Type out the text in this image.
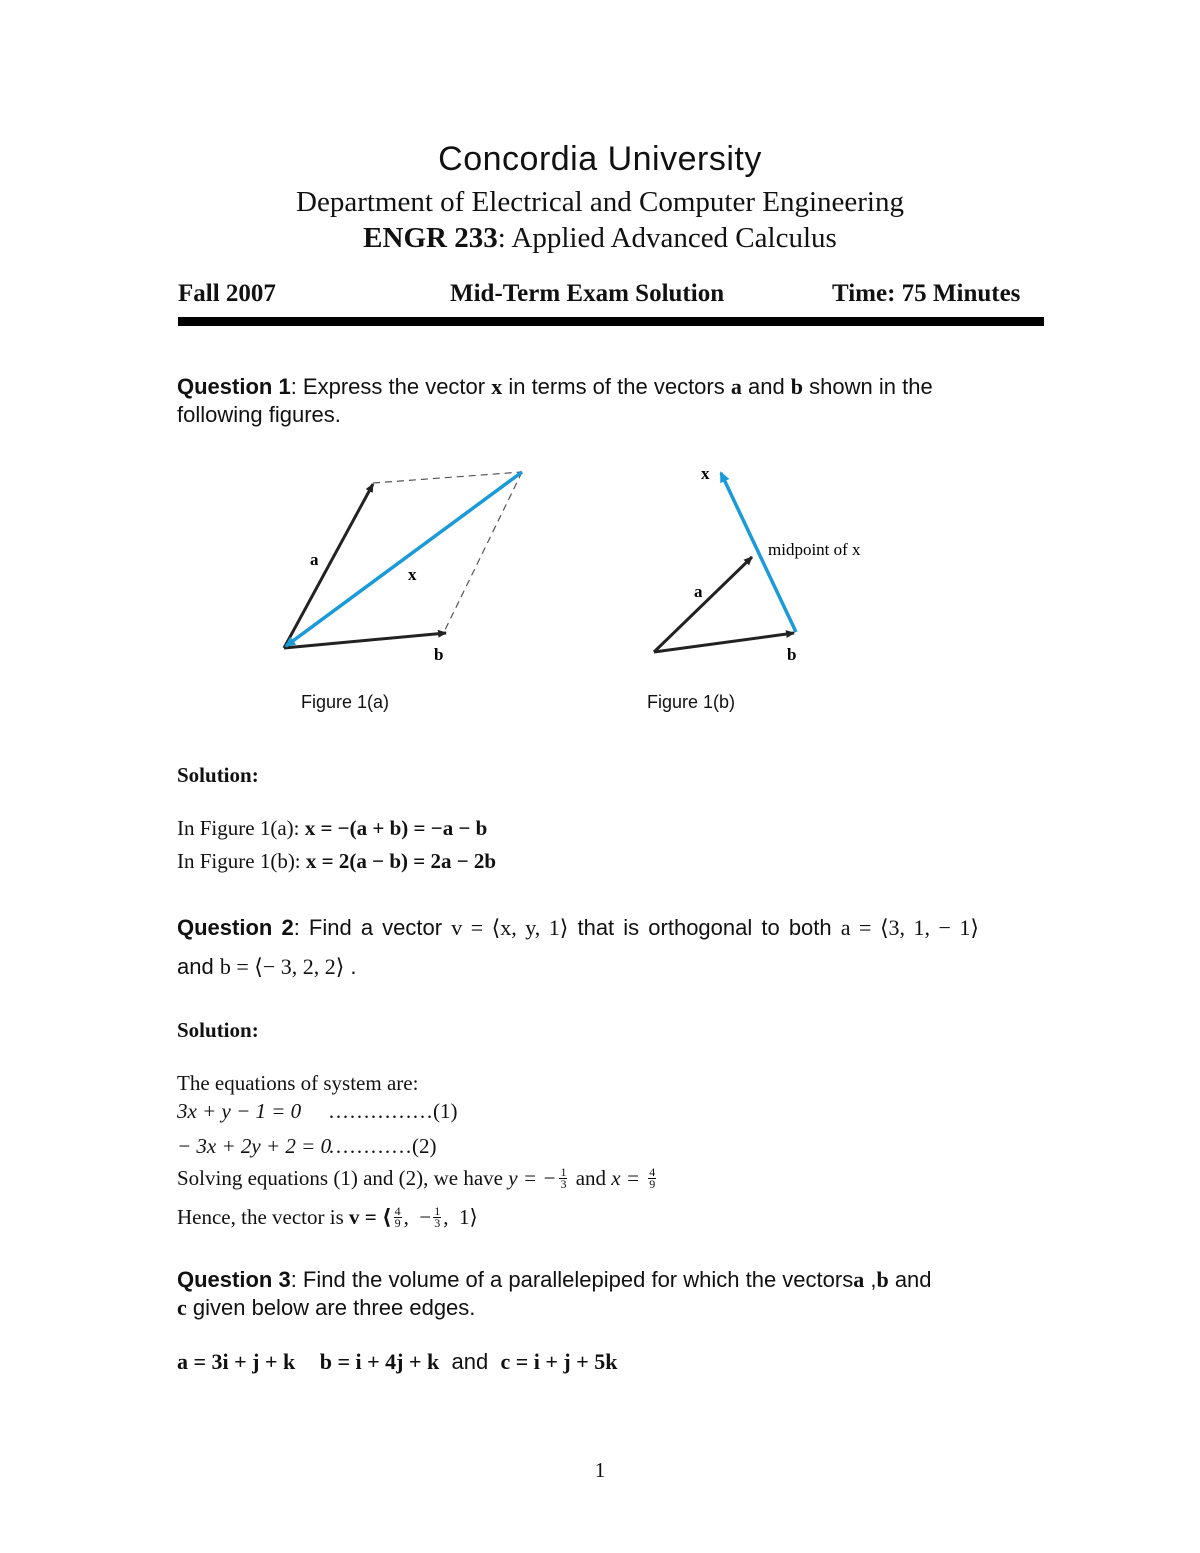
Concordia University
Department of Electrical and Computer Engineering
ENGR 233: Applied Advanced Calculus
Fall 2007	Mid-Term Exam Solution	Time: 75 Minutes
Question 1: Express the vector x in terms of the vectors a and b shown in the
following figures.
a
x
b
x
midpoint of x
a
b
Figure 1(a)	Figure 1(b)
Solution:
In Figure 1(a): x = −(a + b) = −a − b
In Figure 1(b): x = 2(a − b) = 2a − 2b
Question 2: Find a vector v = ⟨x, y, 1⟩ that is orthogonal to both a = ⟨3, 1, − 1⟩
and b = ⟨− 3, 2, 2⟩ .
Solution:
The equations of system are:
3x + y − 1 = 0 ……………(1)
− 3x + 2y + 2 = 0
…………(2)
Solving equations (1) and (2), we have y = − $\frac{1}{3}$ and $x = \frac{4}{9}$
Hence, the vector is v = ⟨ $\frac{4}{9}$ ,  − $\frac{1}{3}$ ,  1⟩
Question 3: Find the volume of a parallelepiped for which the vectorsa ,b and
c given below are three edges.
a = 3i + j + k b = i + 4j + k and c = i + j + 5k
1
